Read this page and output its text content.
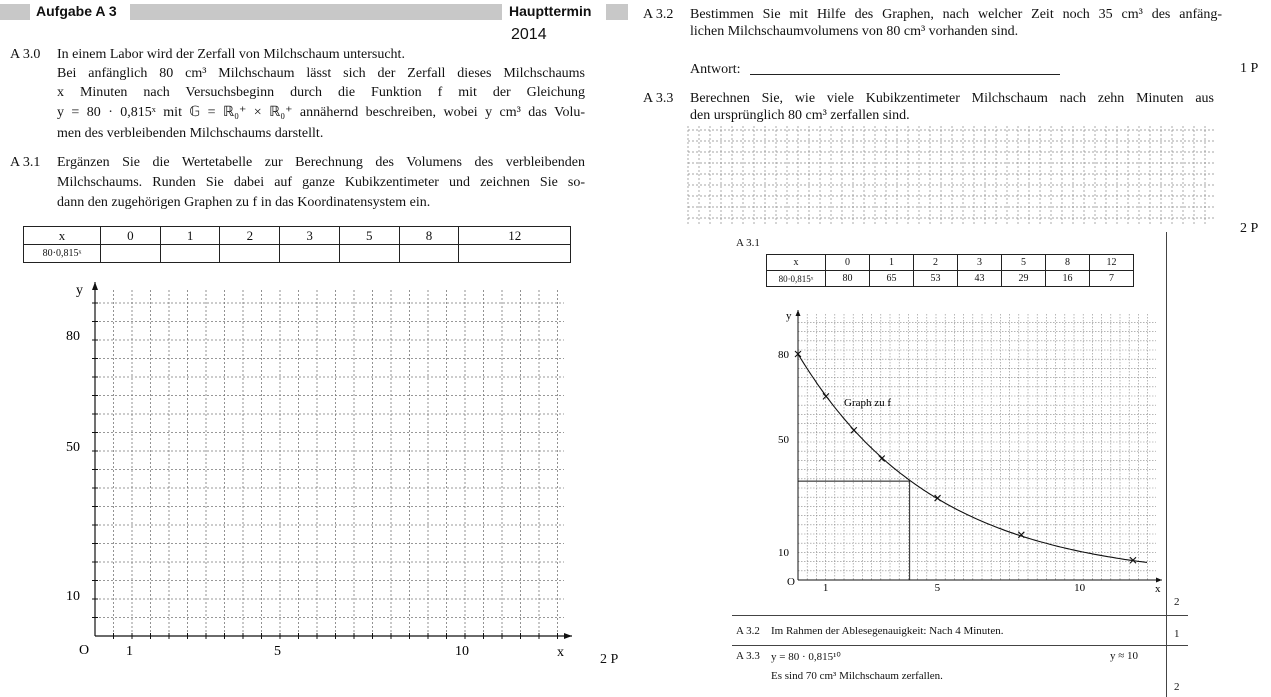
Aufgabe A 3	Haupttermin
2014
A 3.0 In einem Labor wird der Zerfall von Milchschaum untersucht.
Bei anfänglich 80 cm³ Milchschaum lässt sich der Zerfall dieses Milchschaums
x Minuten nach Versuchsbeginn durch die Funktion f mit der Gleichung
y = 80 · 0,815ˣ mit 𝔾 = ℝ₀⁺ × ℝ₀⁺ annähernd beschreiben, wobei y cm³ das Volu-
men des verbleibenden Milchschaums darstellt.
A 3.1 Ergänzen Sie die Wertetabelle zur Berechnung des Volumens des verbleibenden
Milchschaums. Runden Sie dabei auf ganze Kubikzentimeter und zeichnen Sie so-
dann den zugehörigen Graphen zu f in das Koordinatensystem ein.
x	0	1	2	3	5	8	12
80·0,815ˣ							
y
x
O
80
50
10
1	5	10
2 P
A 3.2 Bestimmen Sie mit Hilfe des Graphen, nach welcher Zeit noch 35 cm³ des anfäng-
lichen Milchschaumvolumens von 80 cm³ vorhanden sind.
Antwort:	1 P
A 3.3 Berechnen Sie, wie viele Kubikzentimeter Milchschaum nach zehn Minuten aus
den ursprünglich 80 cm³ zerfallen sind.
2 P
A 3.1
x	0	1	2	3	5	8	12
80·0,815ˣ	80	65	53	43	29	16	7
y
x
O
Graph zu f
80
50
10
1	5	10
2
A 3.2 Im Rahmen der Ablesegenauigkeit: Nach 4 Minuten.	1
A 3.3 y = 80 · 0,815¹⁰	y ≈ 10
Es sind 70 cm³ Milchschaum zerfallen.
2
